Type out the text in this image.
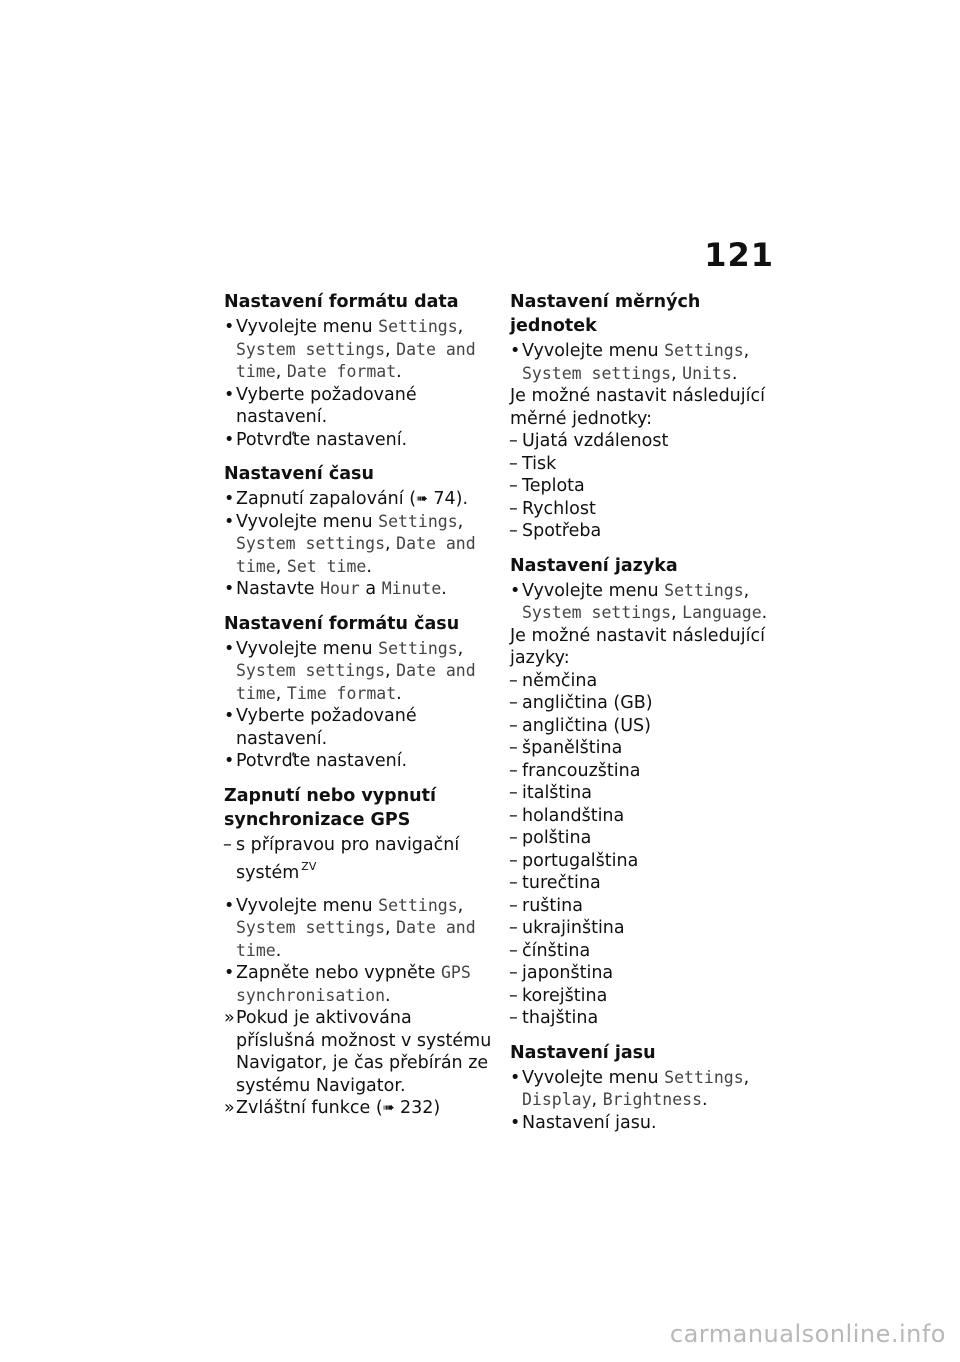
121
Nastavení formátu data
• Vyvolejte menu Settings, System settings, Date and time, Date format.
• Vyberte požadované nastavení.
• Potvrďte nastavení.
Nastavení času
• Zapnutí zapalování (➠ 74).
• Vyvolejte menu Settings, System settings, Date and time, Set time.
• Nastavte Hour a Minute.
Nastavení formátu času
• Vyvolejte menu Settings, System settings, Date and time, Time format.
• Vyberte požadované nastavení.
• Potvrďte nastavení.
Zapnutí nebo vypnutí
synchronizace GPS
– s přípravou pro navigační systém $^{ZV}$
• Vyvolejte menu Settings, System settings, Date and time.
• Zapněte nebo vypněte GPS synchronisation.
» Pokud je aktivována příslušná možnost v systému Navigator, je čas přebírán ze systému Navigator.
» Zvláštní funkce (➠ 232)
Nastavení měrných jednotek
• Vyvolejte menu Settings, System settings, Units.

Je možné nastavit následující měrné jednotky:

– Ujatá vzdálenost
– Tisk
– Teplota
– Rychlost
– Spotřeba
Nastavení jazyka
• Vyvolejte menu Settings, System settings, Language.

Je možné nastavit následující jazyky:

– němčina
– angličtina (GB)
– angličtina (US)
– španělština
– francouzština
– italština
– holandština
– polština
– portugalština
– turečtina
– ruština
– ukrajinština
– čínština
– japonština
– korejština
– thajština
Nastavení jasu
• Vyvolejte menu Settings, Display, Brightness.
• Nastavení jasu.
carmanualsonline.info
